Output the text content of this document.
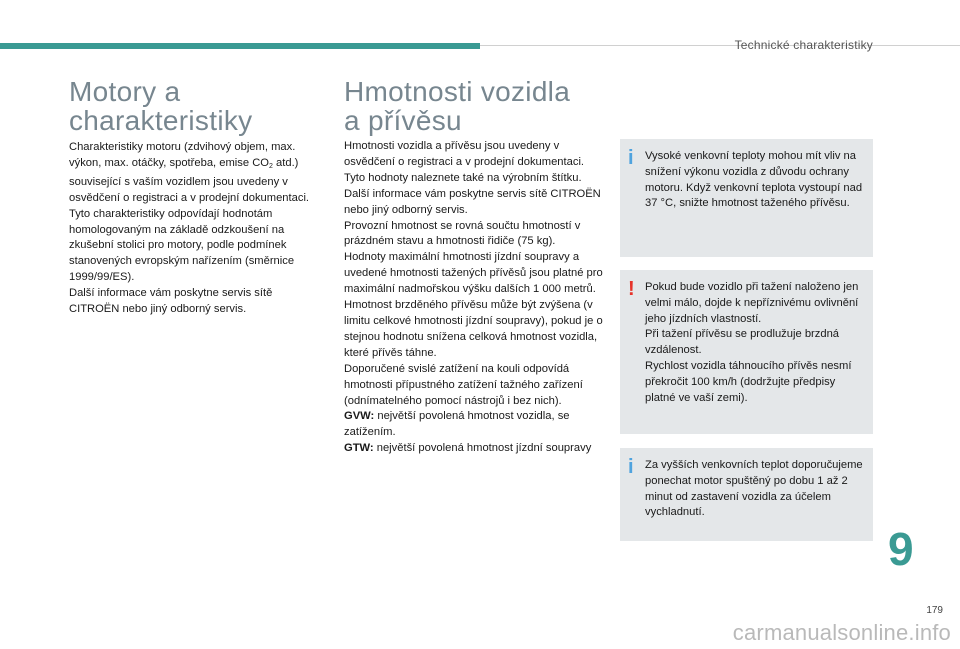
Technické charakteristiky
Motory a
charakteristiky

Charakteristiky motoru (zdvihový objem, max. výkon, max. otáčky, spotřeba, emise $CO_2$ atd.) související s vaším vozidlem jsou uvedeny v osvědčení o registraci a v prodejní dokumentaci.

Tyto charakteristiky odpovídají hodnotám homologovaným na základě odzkoušení na zkušební stolici pro motory, podle podmínek stanovených evropským nařízením (směrnice 1999/99/ES).

Další informace vám poskytne servis sítě CITROËN nebo jiný odborný servis.

Hmotnosti vozidla
a přívěsu

Hmotnosti vozidla a přívěsu jsou uvedeny v osvědčení o registraci a v prodejní dokumentaci.

Tyto hodnoty naleznete také na výrobním štítku.

Další informace vám poskytne servis sítě CITROËN nebo jiný odborný servis.

Provozní hmotnost se rovná součtu hmotností v prázdném stavu a hmotnosti řidiče (75 kg).

Hodnoty maximální hmotnosti jízdní soupravy a uvedené hmotnosti tažených přívěsů jsou platné pro maximální nadmořskou výšku dalších 1 000 metrů.

Hmotnost brzděného přívěsu může být zvýšena (v limitu celkové hmotnosti jízdní soupravy), pokud je o stejnou hodnotu snížena celková hmotnost vozidla, které přívěs táhne.

Doporučené svislé zatížení na kouli odpovídá hmotnosti přípustného zatížení tažného zařízení (odnímatelného pomocí nástrojů i bez nich).

GVW: největší povolená hmotnost vozidla, se zatížením.

GTW: největší povolená hmotnost jízdní soupravy

i Vysoké venkovní teploty mohou mít vliv na snížení výkonu vozidla z důvodu ochrany motoru. Když venkovní teplota vystoupí nad 37 °C, snižte hmotnost taženého přívěsu.

! Pokud bude vozidlo při tažení naloženo jen velmi málo, dojde k nepříznivému ovlivnění jeho jízdních vlastností.

Při tažení přívěsu se prodlužuje brzdná vzdálenost.

Rychlost vozidla táhnoucího přívěs nesmí překročit 100 km/h (dodržujte předpisy platné ve vaší zemi).

i Za vyšších venkovních teplot doporučujeme ponechat motor spuštěný po dobu 1 až 2 minut od zastavení vozidla za účelem vychladnutí.

9
179
carmanualsonline.info
